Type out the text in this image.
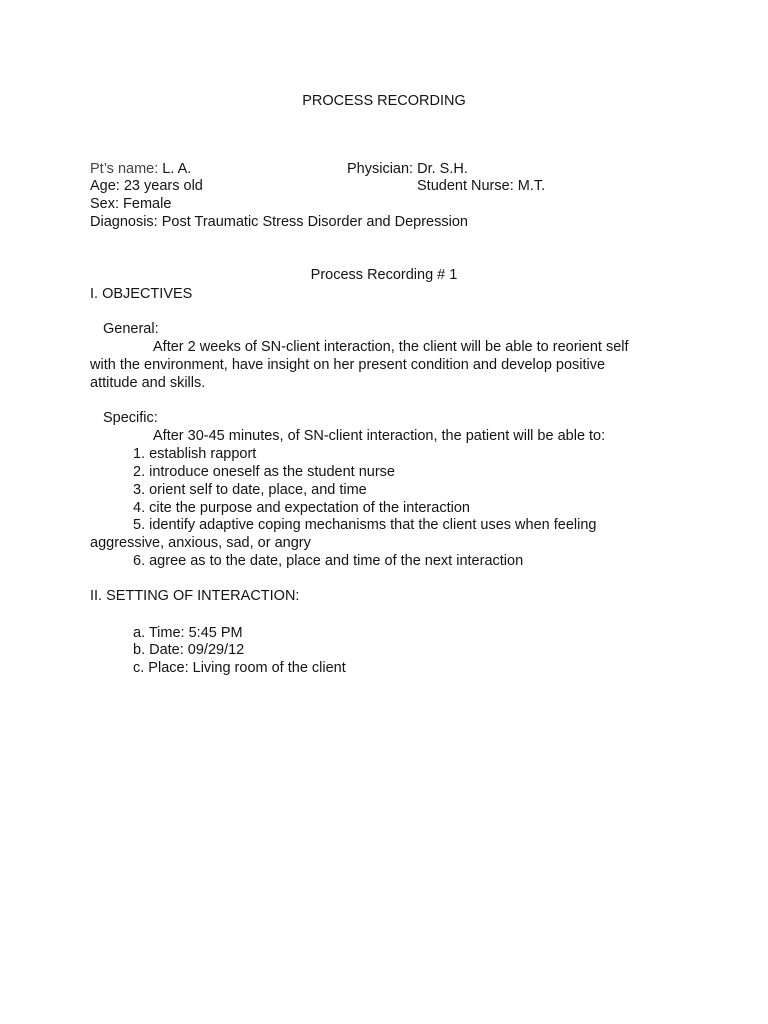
PROCESS RECORDING
Pt’s name: L. A.	Physician: Dr. S.H.
Age: 23 years old	Student Nurse: M.T.
Sex: Female
Diagnosis: Post Traumatic Stress Disorder and Depression
Process Recording # 1
I. OBJECTIVES
General:
After 2 weeks of SN-client interaction, the client will be able to reorient self
with the environment, have insight on her present condition and develop positive
attitude and skills.
Specific:
After 30-45 minutes, of SN-client interaction, the patient will be able to:
1. establish rapport
2. introduce oneself as the student nurse
3. orient self to date, place, and time
4. cite the purpose and expectation of the interaction
5. identify adaptive coping mechanisms that the client uses when feeling
aggressive, anxious, sad, or angry
6. agree as to the date, place and time of the next interaction
II. SETTING OF INTERACTION:
a. Time: 5:45 PM
b. Date: 09/29/12
c. Place: Living room of the client
